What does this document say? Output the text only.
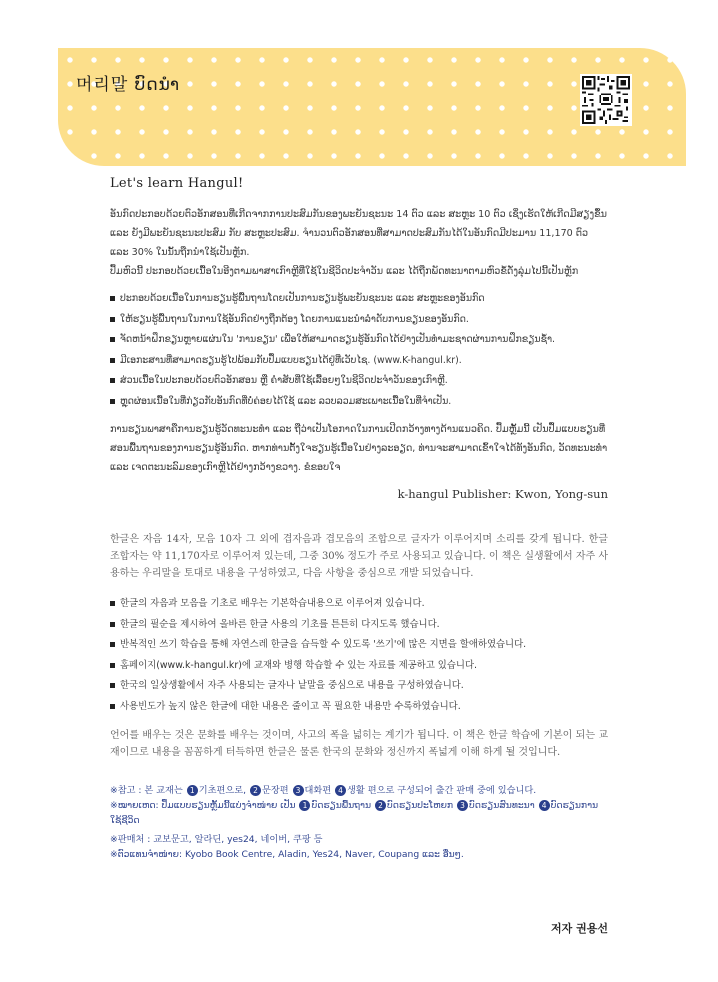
머리말 ບົດນຳ
Let's learn Hangul!

ອັນກົດປະກອບດ້ວຍຕົວອັກສອນທີ່ເກີດຈາກການປະສົມກັນຂອງພະຍັນຊະນະ 14 ຕົວ ແລະ ສະຫຼະ 10 ຕົວ ເຊິ່ງເຮັດໃຫ້ເກີດມີສຽງຂຶ້ນ ແລະ ຍັງມີພະຍັນຊະນະປະສົມ ກັບ ສະຫຼະປະສົມ. ຈຳນວນຕົວອັກສອນທີ່ສາມາດປະສົມກັນໄດ້ໃນອັນກົດມີປະມານ 11,170 ຕົວ ແລະ 30% ໃນນັ້ນຖືກນຳໃຊ້ເປັນຫຼັກ.

ປຶ້ມຫົວນີ້ ປະກອບດ້ວຍເນື້ອໃນອີງຕາມພາສາເກົາຫຼີທີ່ໃຊ້ໃນຊີວິດປະຈຳວັນ ແລະ ໄດ້ຖືກພັດທະນາຕາມຫົວຂໍ້ດັ່ງລຸ່ມໄປນີ້ເປັນຫຼັກ

ປະກອບດ້ວຍເນື້ອໃນການຮຽນຮູ້ພື້ນຖານໂດຍເປັນການຮຽນຮູ້ພະຍັນຊະນະ ແລະ ສະຫຼະຂອງອັນກົດ
ໃຫ້ຮຽນຮູ້ພື້ນຖານໃນການໃຊ້ອັນກົດຢ່າງຖືກຕ້ອງ ໂດຍການແນະນຳລຳດັບການຂຽນຂອງອັນກົດ.
ຈັດຫນ້າຝຶກຂຽນຫຼາຍແຜ່ນໃນ 'ການຂຽນ' ເພື່ອໃຫ້ສາມາດຮຽນຮູ້ອັນກົດໄດ້ຢ່າງເປັນທຳມະຊາດຜ່ານການຝຶກຂຽນຊ້ຳ.
ມີເອກະສານທີ່ສາມາດຮຽນຮູ້ໄປພ້ອມກັບປຶ້ມແບບຮຽນໄດ້ຢູ່ທີ່ເວັບໄຊ. (www.K-hangul.kr).
ສ່ວນເນື້ອໃນປະກອບດ້ວຍຕົວອັກສອນ ຫຼື ຄຳສັບທີ່ໃຊ້ເລື້ອຍໆໃນຊີວິດປະຈຳວັນຂອງເກົາຫຼີ.
ຫຼຸດຜ່ອນເນື້ອໃນທີ່ກ່ຽວກັບອັນກົດທີ່ບໍ່ຄ່ອຍໄດ້ໃຊ້ ແລະ ລວບລວມສະເພາະເນື້ອໃນທີ່ຈຳເປັນ.

ການຮຽນພາສາຄືການຮຽນຮູ້ວັດທະນະທຳ ແລະ ຖືວ່າເປັນໂອກາດໃນການເປີດກວ້າງທາງດ້ານແນວຄິດ. ປຶ້ມຫຼັ້ມນີ້ ເປັນປຶ້ມແບບຮຽນທີ່ສອນພື້ນຖານຂອງການຮຽນຮູ້ອັນກົດ. ຫາກທ່ານຕັ້ງໃຈຮຽນຮູ້ເນື້ອໃນຢ່າງລະອຽດ, ທ່ານຈະສາມາດເຂົ້າໃຈໄດ້ທັງອັນກົດ, ວັດທະນະທຳ ແລະ ເຈດຕະນະລົມຂອງເກົາຫຼີໄດ້ຢ່າງກວ້າງຂວາງ. ຂໍຂອບໃຈ

k-hangul Publisher: Kwon, Yong-sun

한글은 자음 14자, 모음 10자 그 외에 겹자음과 겹모음의 조합으로 글자가 이루어지며 소리를 갖게 됩니다. 한글 조합자는 약 11,170자로 이루어져 있는데, 그중 30% 정도가 주로 사용되고 있습니다. 이 책은 실생활에서 자주 사용하는 우리말을 토대로 내용을 구성하였고, 다음 사항을 중심으로 개발 되었습니다.

한글의 자음과 모음을 기초로 배우는 기본학습내용으로 이루어져 있습니다.
한글의 필순을 제시하여 올바른 한글 사용의 기초를 튼튼히 다지도록 했습니다.
반복적인 쓰기 학습을 통해 자연스레 한글을 습득할 수 있도록 '쓰기'에 많은 지면을 할애하였습니다.
홈페이지(www.k-hangul.kr)에 교재와 병행 학습할 수 있는 자료를 제공하고 있습니다.
한국의 일상생활에서 자주 사용되는 글자나 낱말을 중심으로 내용을 구성하였습니다.
사용빈도가 높지 않은 한글에 대한 내용은 줄이고 꼭 필요한 내용만 수록하였습니다.

언어를 배우는 것은 문화를 배우는 것이며, 사고의 폭을 넓히는 계기가 됩니다. 이 책은 한글 학습에 기본이 되는 교재이므로 내용을 꼼꼼하게 터득하면 한글은 물론 한국의 문화와 정신까지 폭넓게 이해 하게 될 것입니다.

※참고 : 본 교재는 1 기초편으로, 2 문장편 3 대화편 4 생활 편으로 구성되어 출간 판매 중에 있습니다.

※ໝາຍເຫດ: ປຶ້ມແບບຮຽນຫຼັ້ມນີ້ແບ່ງຈຳໜ່າຍ ເປັນ 1 ບົດຮຽນພື້ນຖານ 2 ບົດຮຽນປະໂຫຍກ 3 ບົດຮຽນສົນທະນາ 4 ບົດຮຽນການໃຊ້ຊີວິດ

※판매처 : 교보문고, 알라딘, yes24, 네이버, 쿠팡 등

※ຕົວແທນຈຳໜ່າຍ: Kyobo Book Centre, Aladin, Yes24, Naver, Coupang ແລະ ອື່ນໆ.

저자 권용선
